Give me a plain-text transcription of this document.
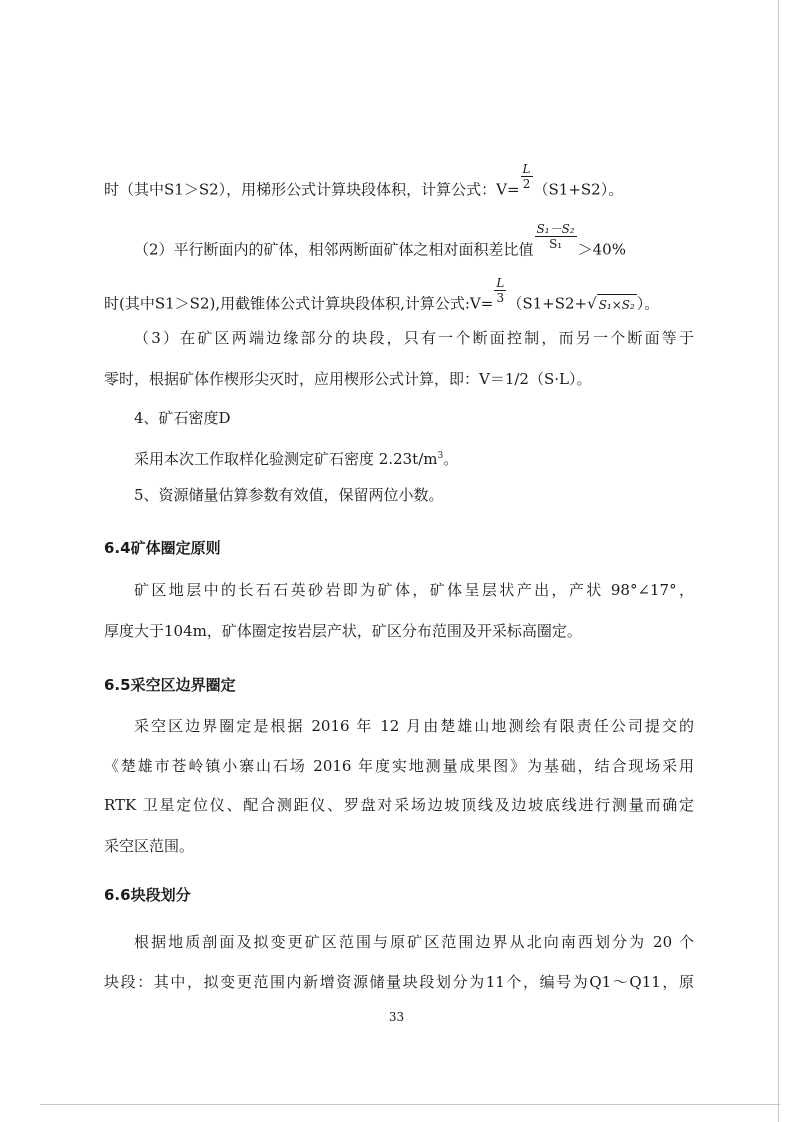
时（其中S1＞S2），用梯形公式计算块段体积，计算公式：$V= \frac{L}{2} (S1+S2)$。
（2）平行断面内的矿体，相邻两断面矿体之相对面积差比值 $\frac{\text{S₁－S₂}}{\text{S₁}} >40\%$
时(其中S1＞S2),用截锥体公式计算块段体积,计算公式:V= $\frac{L}{3} (S1+S2+√$ S₁×S₂ ）。
（3）在矿区两端边缘部分的块段，只有一个断面控制，而另一个断面等于
零时，根据矿体作楔形尖灭时，应用楔形公式计算，即：V＝1/2（S·L）。
4、矿石密度D
采用本次工作取样化验测定矿石密度 $2.23t/m^3$。
5、资源储量估算参数有效值，保留两位小数。
6.4矿体圈定原则
矿区地层中的长石石英砂岩即为矿体，矿体呈层状产出，产状 98°∠17°，
厚度大于104m，矿体圈定按岩层产状，矿区分布范围及开采标高圈定。
6.5采空区边界圈定
采空区边界圈定是根据 2016 年 12 月由楚雄山地测绘有限责任公司提交的
《楚雄市苍岭镇小寨山石场 2016 年度实地测量成果图》为基础，结合现场采用
RTK 卫星定位仪、配合测距仪、罗盘对采场边坡顶线及边坡底线进行测量而确定
采空区范围。
6.6块段划分
根据地质剖面及拟变更矿区范围与原矿区范围边界从北向南西划分为 20 个
块段：其中，拟变更范围内新增资源储量块段划分为11个，编号为Q1～Q11，原
33
